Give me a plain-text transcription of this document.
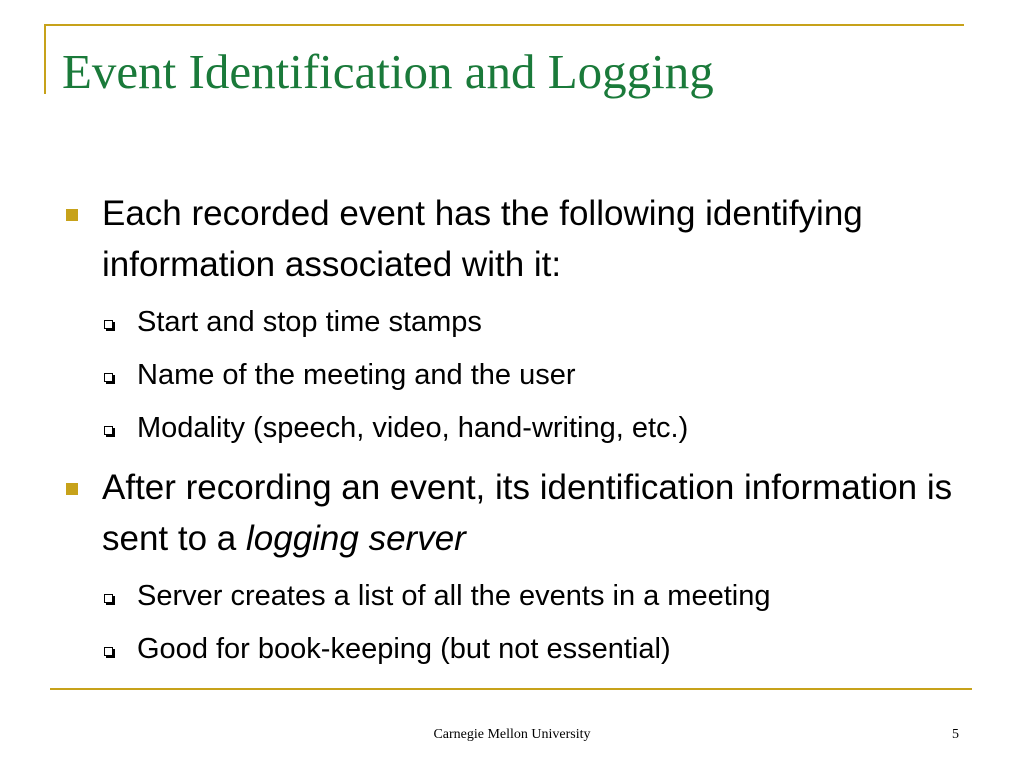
Event Identification and Logging
Each recorded event has the following identifying information associated with it:
Start and stop time stamps
Name of the meeting and the user
Modality (speech, video, hand-writing, etc.)
After recording an event, its identification information is sent to a logging server
Server creates a list of all the events in a meeting
Good for book-keeping (but not essential)
Carnegie Mellon University	5
